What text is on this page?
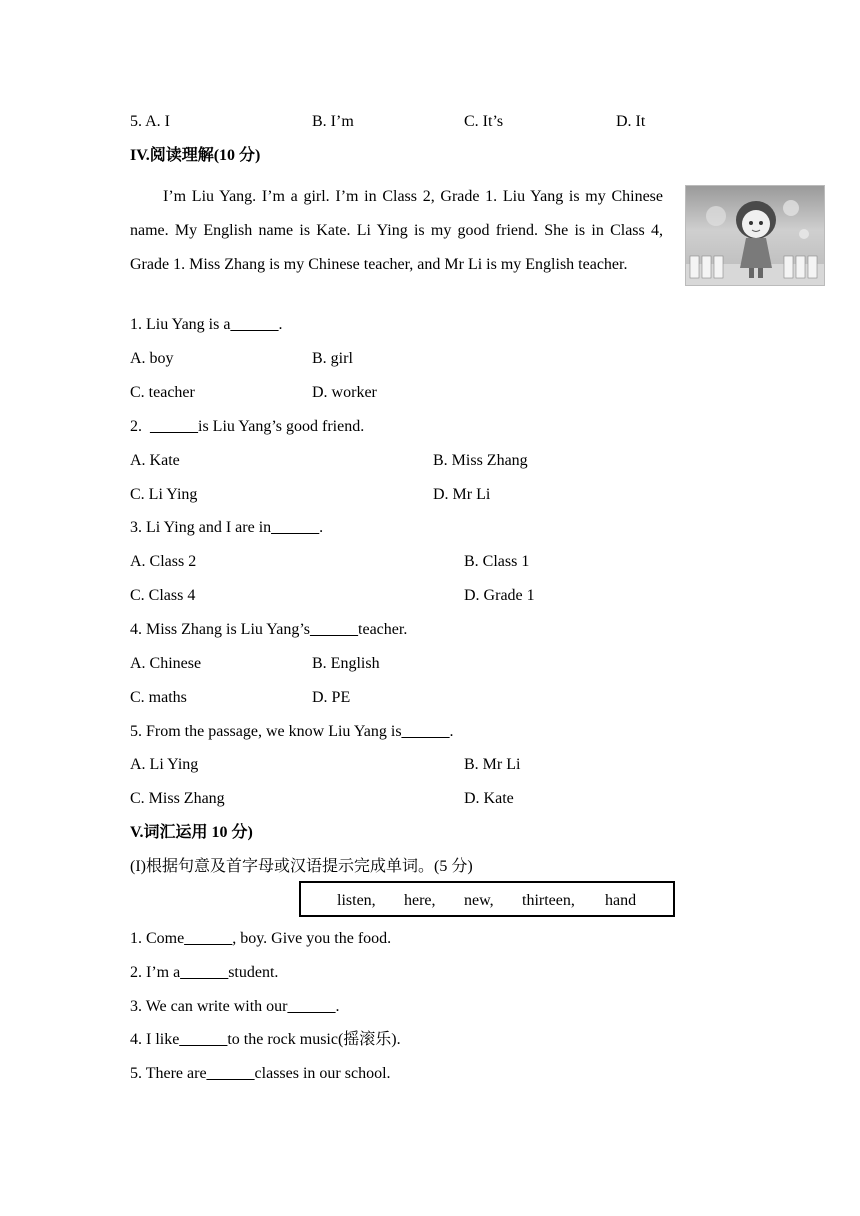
5. A. I	B. I’m	C. It’s	D. It
IV.阅读理解(10 分)
I’m Liu Yang. I’m a girl. I’m in Class 2, Grade 1. Liu Yang is my Chinese name. My English name is Kate. Li Ying is my good friend. She is in Class 4, Grade 1. Miss Zhang is my Chinese teacher, and Mr Li is my English teacher.
1. Liu Yang is a______.
A. boy	B. girl
C. teacher	D. worker
2.  ______is Liu Yang’s good friend.
A. Kate	B. Miss Zhang
C. Li Ying	D. Mr Li
3. Li Ying and I are in______.
A. Class 2	B. Class 1
C. Class 4	D. Grade 1
4. Miss Zhang is Liu Yang’s______teacher.
A. Chinese	B. English
C. maths	D. PE
5. From the passage, we know Liu Yang is______.
A. Li Ying	B. Mr Li
C. Miss Zhang	D. Kate
V.词汇运用 10 分)
(I)根据句意及首字母或汉语提示完成单词。(5 分)
listen, here, new, thirteen, hand
1. Come______, boy. Give you the food.
2. I’m a______student.
3. We can write with our______.
4. I like______to the rock music(摇滚乐).
5. There are______classes in our school.
